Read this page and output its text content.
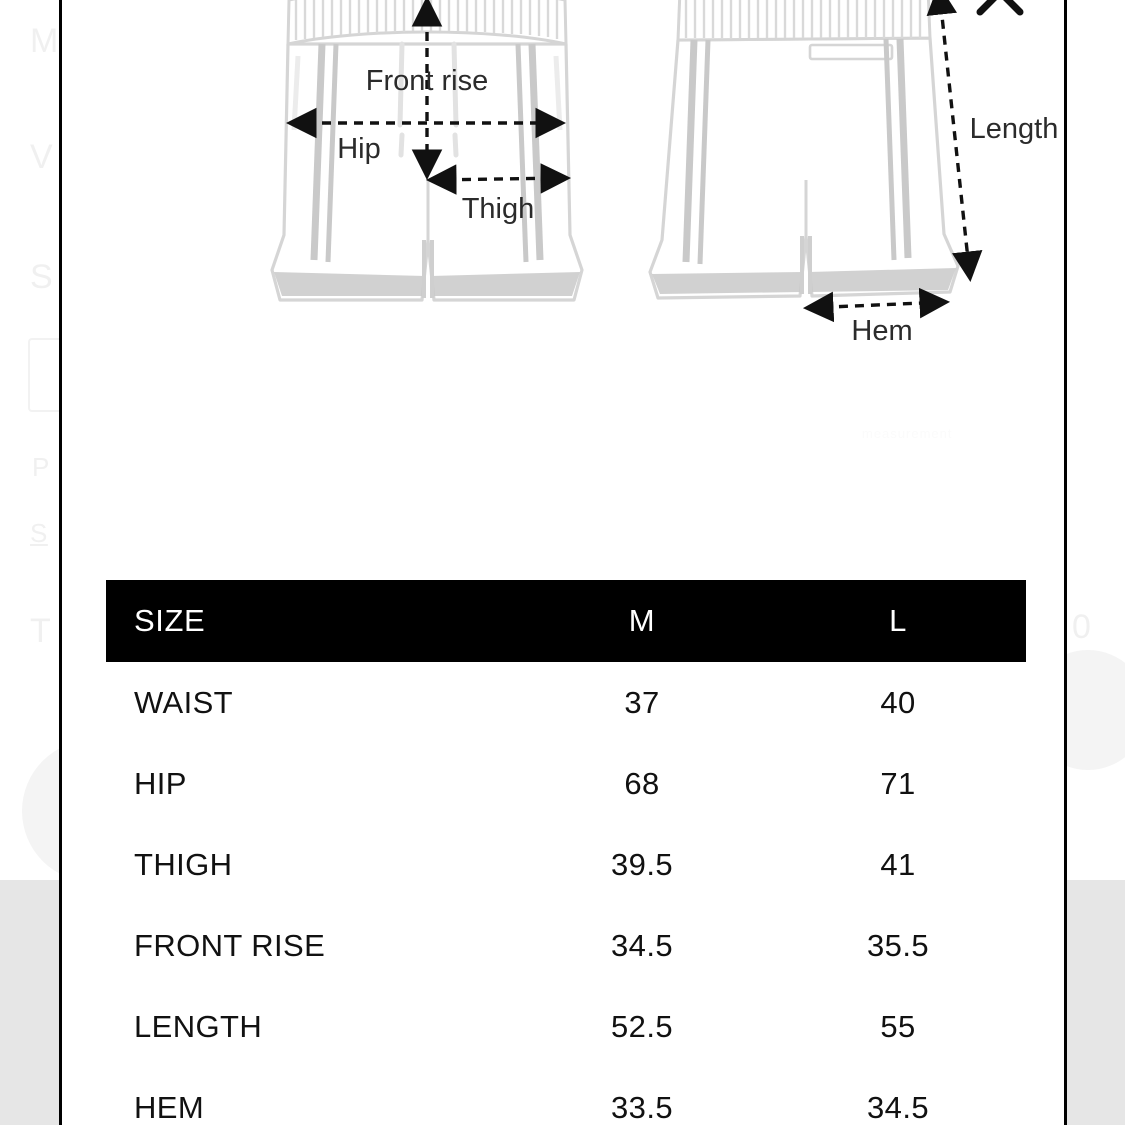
M
V
S
P
S
T	0
Front rise
Hip
Thigh
Length
Hem
measurement
SIZE	M	L
WAIST	37	40
HIP	68	71
THIGH	39.5	41
FRONT RISE	34.5	35.5
LENGTH	52.5	55
HEM	33.5	34.5
